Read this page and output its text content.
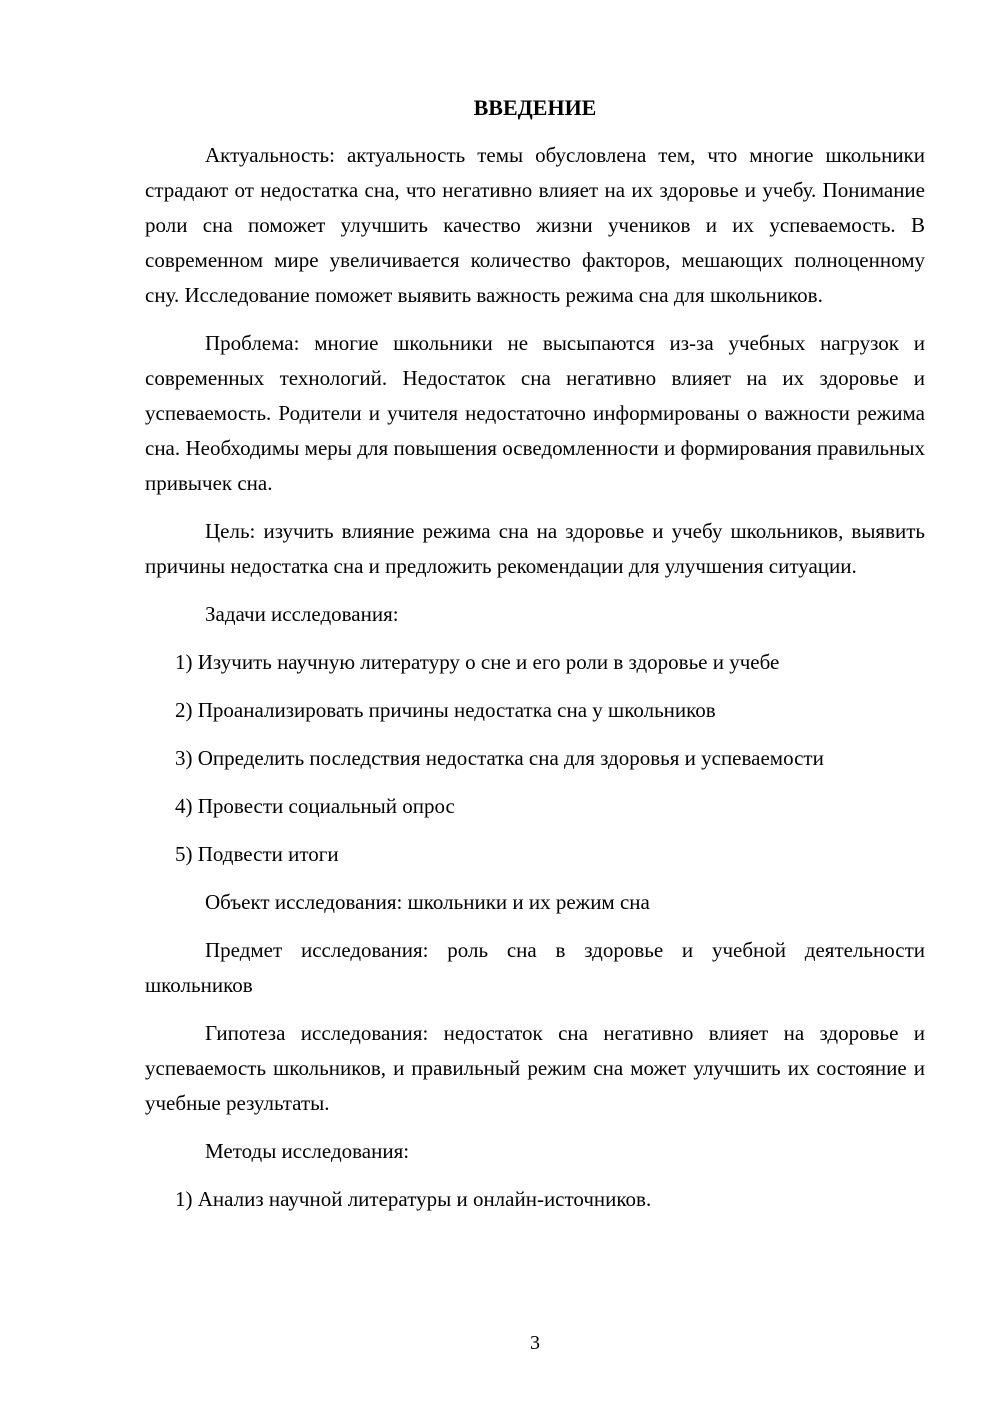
ВВЕДЕНИЕ

Актуальность: актуальность темы обусловлена тем, что многие школьники страдают от недостатка сна, что негативно влияет на их здоровье и учебу. Понимание роли сна поможет улучшить качество жизни учеников и их успеваемость. В современном мире увеличивается количество факторов, мешающих полноценному сну. Исследование поможет выявить важность режима сна для школьников.

Проблема: многие школьники не высыпаются из-за учебных нагрузок и современных технологий. Недостаток сна негативно влияет на их здоровье и успеваемость. Родители и учителя недостаточно информированы о важности режима сна. Необходимы меры для повышения осведомленности и формирования правильных привычек сна.

Цель: изучить влияние режима сна на здоровье и учебу школьников, выявить причины недостатка сна и предложить рекомендации для улучшения ситуации.

Задачи исследования:

1) Изучить научную литературу о сне и его роли в здоровье и учебе

2) Проанализировать причины недостатка сна у школьников

3) Определить последствия недостатка сна для здоровья и успеваемости

4) Провести социальный опрос

5) Подвести итоги

Объект исследования: школьники и их режим сна

Предмет исследования: роль сна в здоровье и учебной деятельности школьников

Гипотеза исследования: недостаток сна негативно влияет на здоровье и успеваемость школьников, и правильный режим сна может улучшить их состояние и учебные результаты.

Методы исследования:

1) Анализ научной литературы и онлайн-источников.

3
